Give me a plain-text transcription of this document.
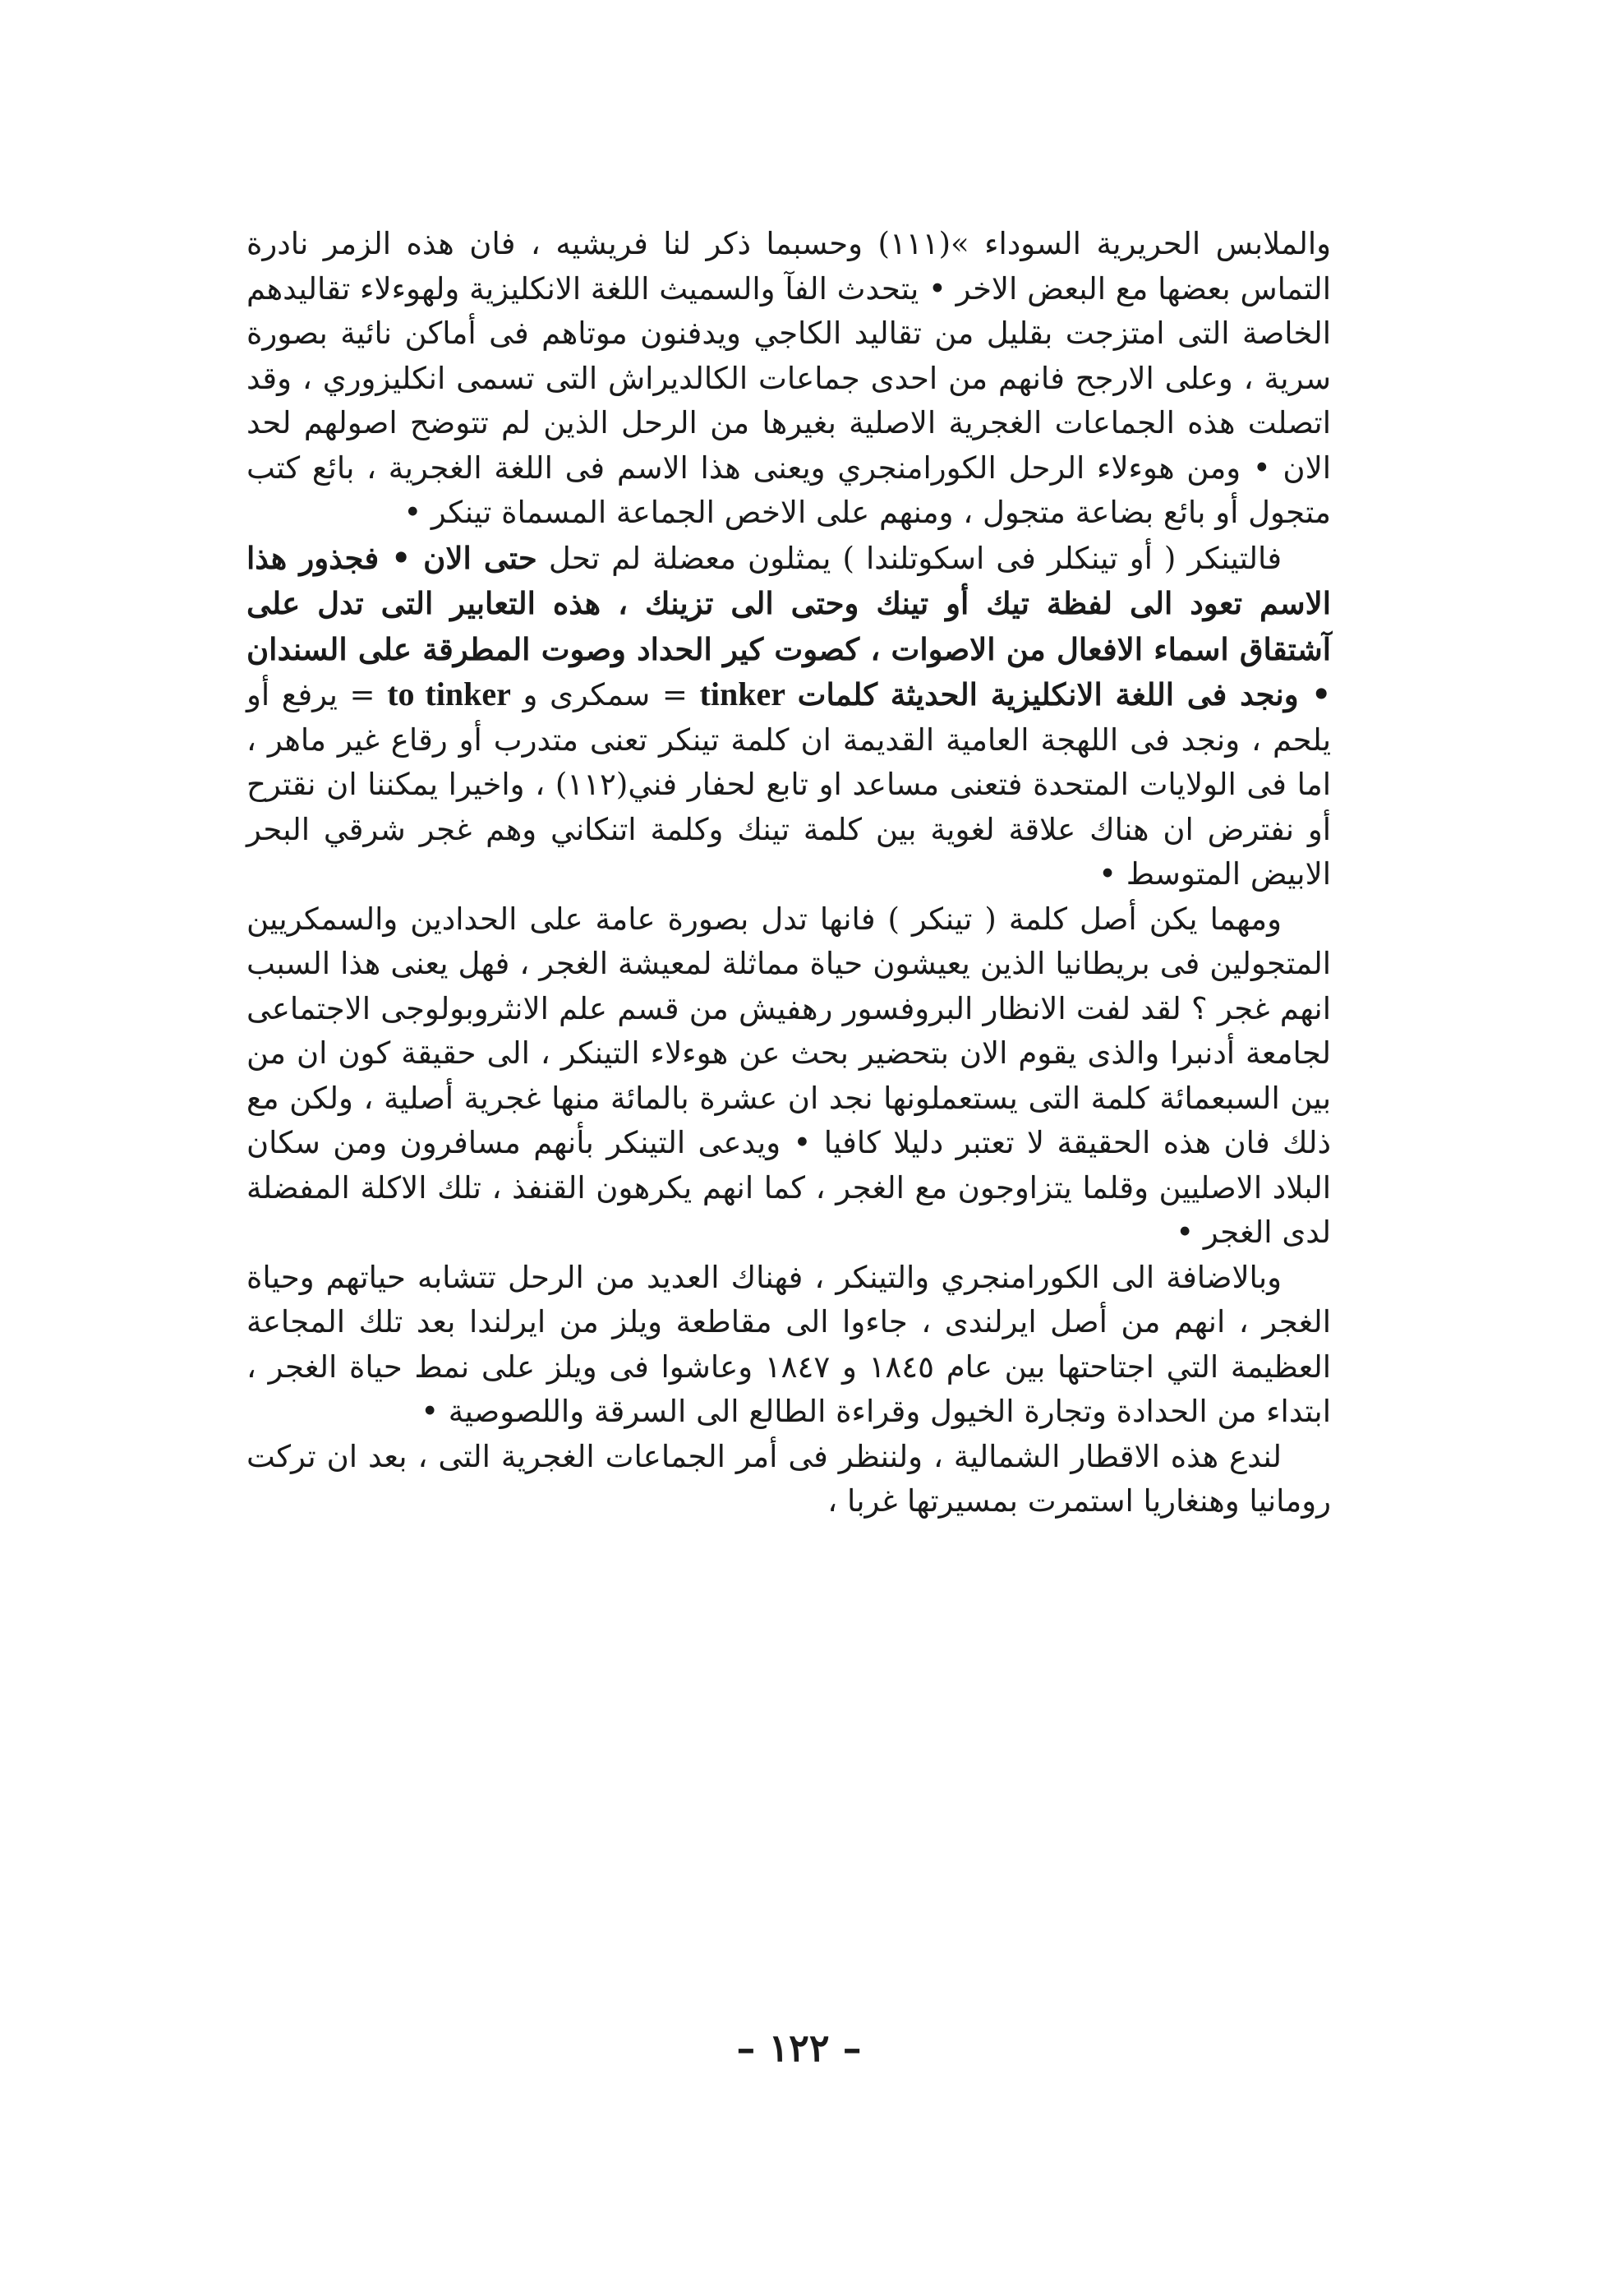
والملابس الحريرية السوداء »(١١١) وحسبما ذكر لنا فريشيه ، فان هذه الزمر نادرة التماس بعضها مع البعض الاخر • يتحدث الفآ والسميث اللغة الانكليزية ولهوءلاء تقاليدهم الخاصة التى امتزجت بقليل من تقاليد الكاجي ويدفنون موتاهم فى أماكن نائية بصورة سرية ، وعلى الارجح فانهم من احدى جماعات الكالديراش التى تسمى انكليزوري ، وقد اتصلت هذه الجماعات الغجرية الاصلية بغيرها من الرحل الذين لم تتوضح اصولهم لحد الان • ومن هوءلاء الرحل الكورامنجري ويعنى هذا الاسم فى اللغة الغجرية ، بائع كتب متجول أو بائع بضاعة متجول ، ومنهم على الاخص الجماعة المسماة تينكر •

فالتينكر ( أو تينكلر فى اسكوتلندا ) يمثلون معضلة لم تحل حتى الان • فجذور هذا الاسم تعود الى لفظة تيك أو تينك وحتى الى تزينك ، هذه التعابير التى تدل على آشتقاق اسماء الافعال من الاصوات ، كصوت كير الحداد وصوت المطرقة على السندان • ونجد فى اللغة الانكليزية الحديثة كلمات tinker = سمكرى و to tinker = يرفع أو يلحم ، ونجد فى اللهجة العامية القديمة ان كلمة تينكر تعنى متدرب أو رقاع غير ماهر ، اما فى الولايات المتحدة فتعنى مساعد او تابع لحفار فني(١١٢) ، واخيرا يمكننا ان نقترح أو نفترض ان هناك علاقة لغوية بين كلمة تينك وكلمة اتنكاني وهم غجر شرقي البحر الابيض المتوسط •

ومهما يكن أصل كلمة ( تينكر ) فانها تدل بصورة عامة على الحدادين والسمكريين المتجولين فى بريطانيا الذين يعيشون حياة مماثلة لمعيشة الغجر ، فهل يعنى هذا السبب انهم غجر ؟ لقد لفت الانظار البروفسور رهفيش من قسم علم الانثروبولوجى الاجتماعى لجامعة أدنبرا والذى يقوم الان بتحضير بحث عن هوءلاء التينكر ، الى حقيقة كون ان من بين السبعمائة كلمة التى يستعملونها نجد ان عشرة بالمائة منها غجرية أصلية ، ولكن مع ذلك فان هذه الحقيقة لا تعتبر دليلا كافيا • ويدعى التينكر بأنهم مسافرون ومن سكان البلاد الاصليين وقلما يتزاوجون مع الغجر ، كما انهم يكرهون القنفذ ، تلك الاكلة المفضلة لدى الغجر •

وبالاضافة الى الكورامنجري والتينكر ، فهناك العديد من الرحل تتشابه حياتهم وحياة الغجر ، انهم من أصل ايرلندى ، جاءوا الى مقاطعة ويلز من ايرلندا بعد تلك المجاعة العظيمة التي اجتاحتها بين عام ١٨٤٥ و ١٨٤٧ وعاشوا فى ويلز على نمط حياة الغجر ، ابتداء من الحدادة وتجارة الخيول وقراءة الطالع الى السرقة واللصوصية •

لندع هذه الاقطار الشمالية ، ولننظر فى أمر الجماعات الغجرية التى ، بعد ان تركت رومانيا وهنغاريا استمرت بمسيرتها غربا ،

– ١٢٢ –
